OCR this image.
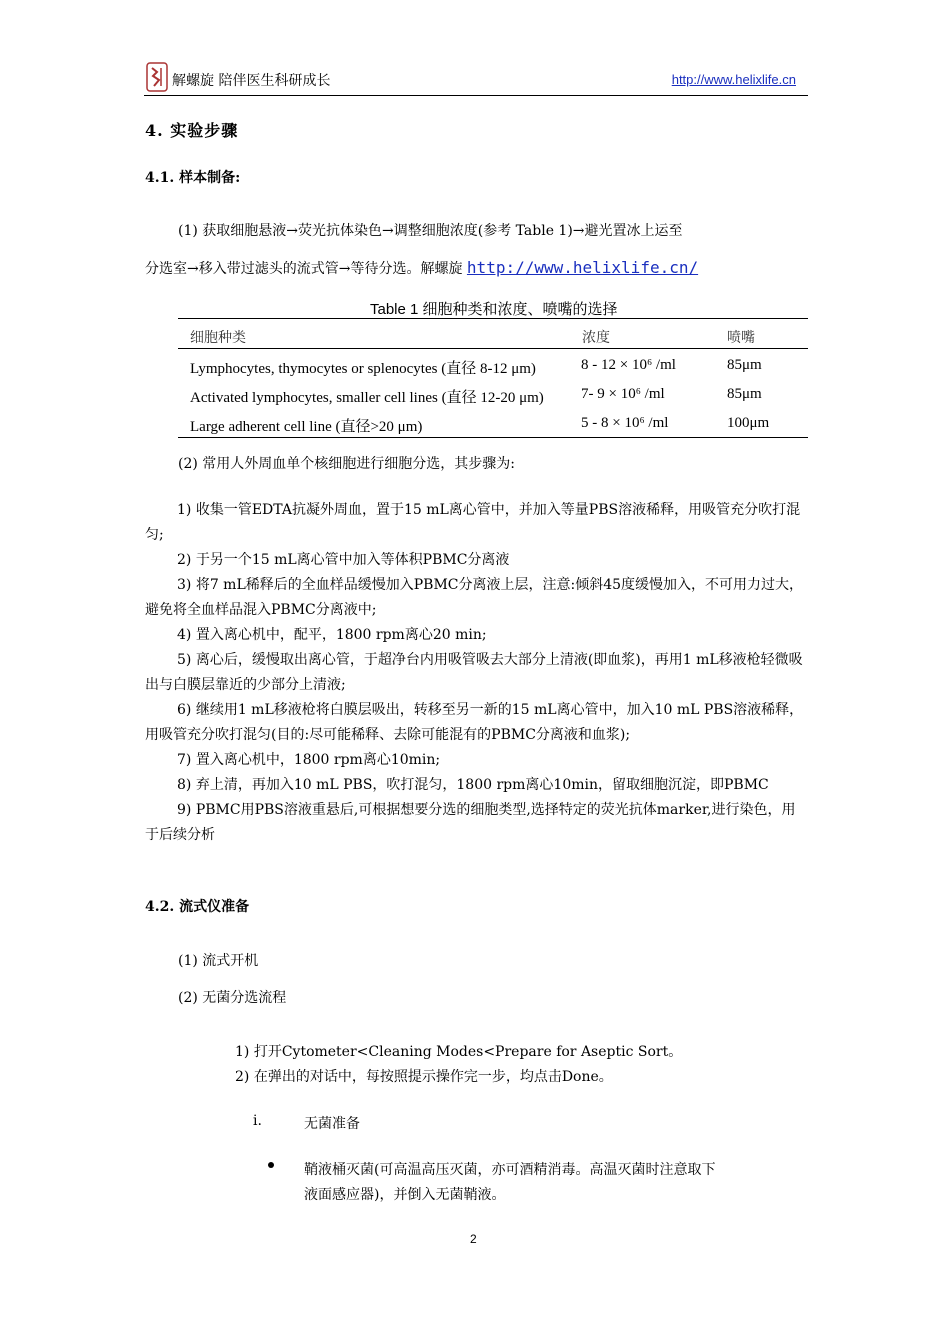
解螺旋 陪伴医生科研成长	http://www.helixlife.cn
4. 实验步骤
4.1. 样本制备:
(1) 获取细胞悬液→荧光抗体染色→调整细胞浓度(参考 Table 1)→避光置冰上运至
分选室→移入带过滤头的流式管→等待分选。解螺旋 http://www.helixlife.cn/
Table 1 细胞种类和浓度、喷嘴的选择
细胞种类	浓度	喷嘴
Lymphocytes, thymocytes or splenocytes (直径 8-12 μm)	8 - 12 × 10⁶ /ml	85μm
Activated lymphocytes, smaller cell lines (直径 12-20 μm) 7- 9 × 10⁶ /ml	85μm
Large adherent cell line (直径>20 μm)	5 - 8 × 10⁶ /ml	100μm
(2) 常用人外周血单个核细胞进行细胞分选，其步骤为:

1) 收集一管EDTA抗凝外周血，置于15 mL离心管中，并加入等量PBS溶液稀释，用吸管充分吹打混匀;

2) 于另一个15 mL离心管中加入等体积PBMC分离液

3) 将7 mL稀释后的全血样品缓慢加入PBMC分离液上层，注意:倾斜45度缓慢加入，不可用力过大，避免将全血样品混入PBMC分离液中;

4) 置入离心机中，配平，1800 rpm离心20 min;

5) 离心后，缓慢取出离心管，于超净台内用吸管吸去大部分上清液(即血浆)，再用1 mL移液枪轻微吸出与白膜层靠近的少部分上清液;

6) 继续用1 mL移液枪将白膜层吸出，转移至另一新的15 mL离心管中，加入10 mL PBS溶液稀释，用吸管充分吹打混匀(目的:尽可能稀释、去除可能混有的PBMC分离液和血浆);

7) 置入离心机中，1800 rpm离心10min;

8) 弃上清，再加入10 mL PBS，吹打混匀，1800 rpm离心10min，留取细胞沉淀，即PBMC

9) PBMC用PBS溶液重悬后,可根据想要分选的细胞类型,选择特定的荧光抗体marker,进行染色，用于后续分析

4.2. 流式仪准备
(1) 流式开机
(2) 无菌分选流程
1) 打开Cytometer<Cleaning Modes<Prepare for Aseptic Sort。
2) 在弹出的对话中，每按照提示操作完一步，均点击Done。
i.	无菌准备
鞘液桶灭菌(可高温高压灭菌，亦可酒精消毒。高温灭菌时注意取下
液面感应器)，并倒入无菌鞘液。
2
